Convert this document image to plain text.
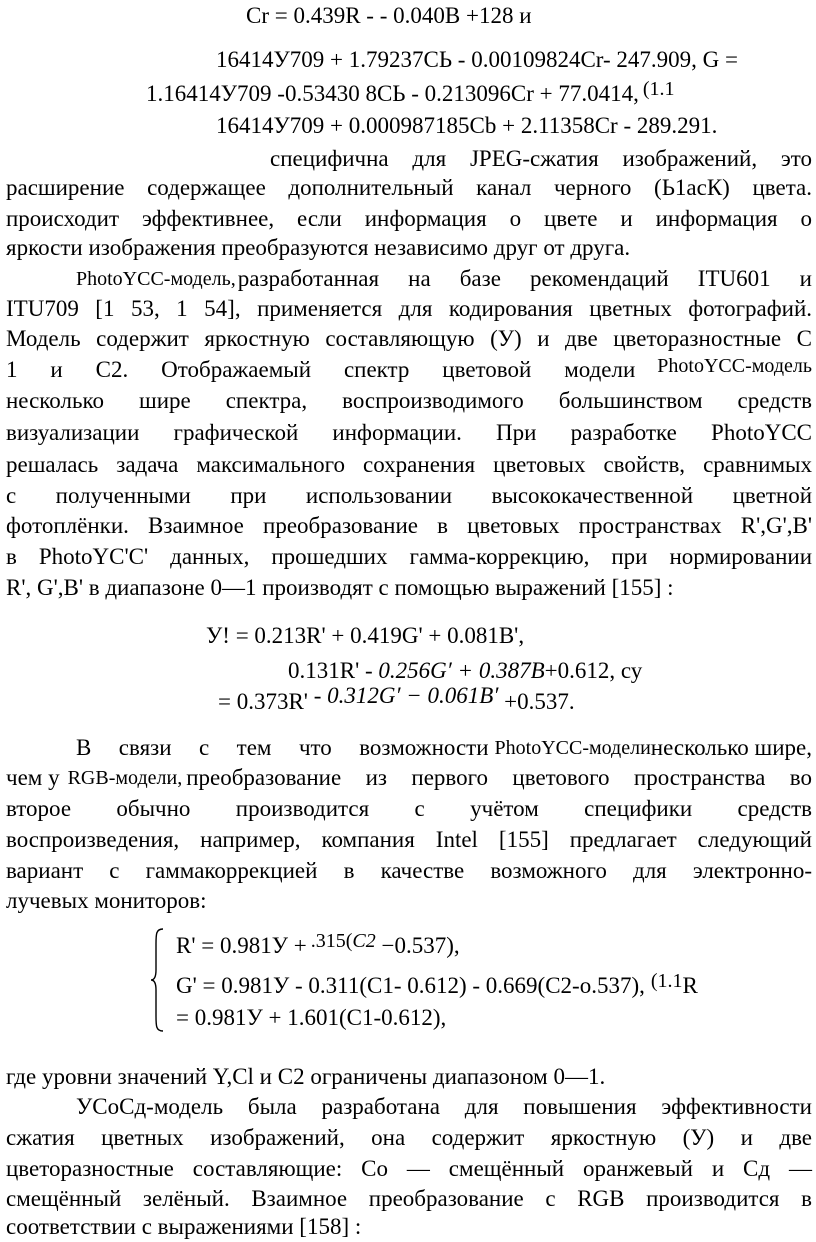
Cr = 0.439R - - 0.040B +128 и
16414У709 + 1.79237СЬ - 0.00109824Cr- 247.909, G =
1.16414У709 -0.53430 8СЬ - 0.213096Cr + 77.0414, (1.1
16414У709 + 0.000987185Cb + 2.11358Cr - 289.291.
специфична для JPEG-сжатия изображений, это
расширение содержащее дополнительный канал черного (Ь1асК) цвета.
происходит эффективнее, если информация о цвете и информация о
яркости изображения преобразуются независимо друг от друга.
PhotoYCC-модель, разработанная на базе рекомендаций ITU601 и
ITU709 [1 53, 1 54], применяется для кодирования цветных фотографий.
Модель содержит яркостную составляющую (У) и две цветоразностные С
1 и С2. Отображаемый спектр цветовой модели PhotoYCC-модель
несколько шире спектра, воспроизводимого большинством средств
визуализации графической информации. При разработке PhotoYCC
решалась задача максимального сохранения цветовых свойств, сравнимых
с полученными при использовании высококачественной цветной
фотоплёнки. Взаимное преобразование в цветовых пространствах R',G',B'
в PhotoYC'C' данных, прошедших гамма-коррекцию, при нормировании
R', G',B' в диапазоне 0—1 производят с помощью выражений [155] :
У! = 0.213R' + 0.419G' + 0.081B',
0.131R' - 0.256G′ + 0.387B+0.612, су
= 0.373R' - 0.312G′ − 0.061B′ +0.537.
В связи с тем что возможности PhotoYCC-модели несколько шире,
чем у RGB-модели, преобразование из первого цветового пространства во
второе обычно производится с учётом специфики средств
воспроизведения, например, компания Intel [155] предлагает следующий
вариант с гаммакоррекцией в качестве возможного для электронно-
лучевых мониторов:
R' = 0.981У + .315(C2 −0.537),
G' = 0.981У - 0.311(С1- 0.612) - 0.669(С2-о.537), (1.1R
= 0.981У + 1.601(С1-0.612),
где уровни значений Y,Cl и С2 ограничены диапазоном 0—1.
УСоСд-модель была разработана для повышения эффективности
сжатия цветных изображений, она содержит яркостную (У) и две
цветоразностные составляющие: Со — смещённый оранжевый и Сд —
смещённый зелёный. Взаимное преобразование с RGB производится в
соответствии с выражениями [158] :
